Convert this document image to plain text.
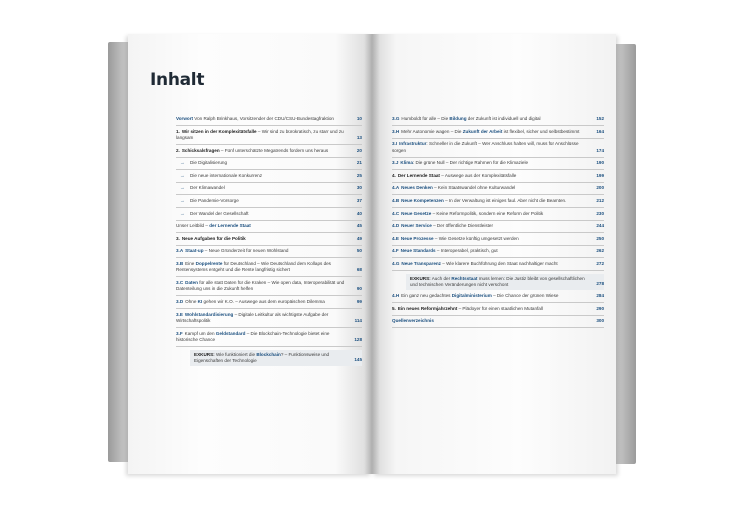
Inhalt
Vorwort Von Ralph Brinkhaus, Vorsitzender der CDU/CSU-Bundestagfraktion	10
1. Wir sitzen in der Komplexitätsfalle – Wir sind zu bürokratisch, zu starr und zu langsam	13
2. Schicksalsfragen – Fünf unterschätzte Megatrends fordern uns heraus	20
→ Die Digitalisierung	21
→ Die neue internationale Konkurrenz	25
→ Der Klimawandel	30
→ Die Pandemie-Vorsorge	37
→ Der Wandel der Gesellschaft	40
Unser Leitbild – der Lernende Staat	45
3. Neue Aufgaben für die Politik	49
3.A Staat-up – Neue Gründerzeit für neuen Wohlstand	50
3.B Eine Doppelrente für Deutschland – Wie Deutschland dem Kollaps des Rentensystems entgeht und die Rente langfristig sichert	68
3.C Daten für alle statt Daten für die Kraken – Wie open data, Interoperabilität und Datenteilung uns in die Zukunft helfen	90
3.D Ohne KI gehen wir K.O. – Auswege aus dem europäischen Dilemma	99
3.E Wohlstandardisierung – Digitale Leitkultur als wichtigste Aufgabe der Wirtschaftspolitik	114
3.F Kampf um den Geldstandard – Die Blockchain-Technologie bietet eine historische Chance	128
EXKURS: Wie funktioniert die Blockchain? – Funktionsweise und Eigenschaften der Technologie	145
3.G Humboldt für alle – Die Bildung der Zukunft ist individuell und digital	152
3.H Mehr Autonomie wagen – Die Zukunft der Arbeit ist flexibel, sicher und selbstbestimmt	164
3.I Infrastruktur: Schneller in die Zukunft – Wer Anschluss halten will, muss für Anschlüsse sorgen	174
3.J Klima: Die grüne Null – Der richtige Rahmen für die Klimaziele	190
4. Der Lernende Staat – Auswege aus der Komplexitätsfalle	199
4.A Neues Denken – Kein Staatswandel ohne Kulturwandel	200
4.B Neue Kompetenzen – In der Verwaltung ist einiges faul. Aber nicht die Beamten.	212
4.C Neue Gesetze – Keine Reformpolitik, sondern eine Reform der Politik	230
4.D Neuer Service – Der öffentliche Dienstleister	244
4.E Neue Prozesse – Wie Gesetze künftig umgesetzt werden	250
4.F Neue Standards – Interoperabel, praktisch, gut	262
4.G Neue Transparenz – Wie klarere Buchführung den Staat nachhaltiger macht	272
EXKURS: Auch der Rechtsstaat muss lernen: Die Justiz bleibt von gesellschaftlichen und technischen Veränderungen nicht verschont	278
4.H Ein ganz neu gedachtes Digitalministerium – Die Chance der grünen Wiese	284
5. Ein neues Reformjahrzehnt – Plädoyer für einen staatlichen Mutanfall	290
Quellenverzeichnis	300
